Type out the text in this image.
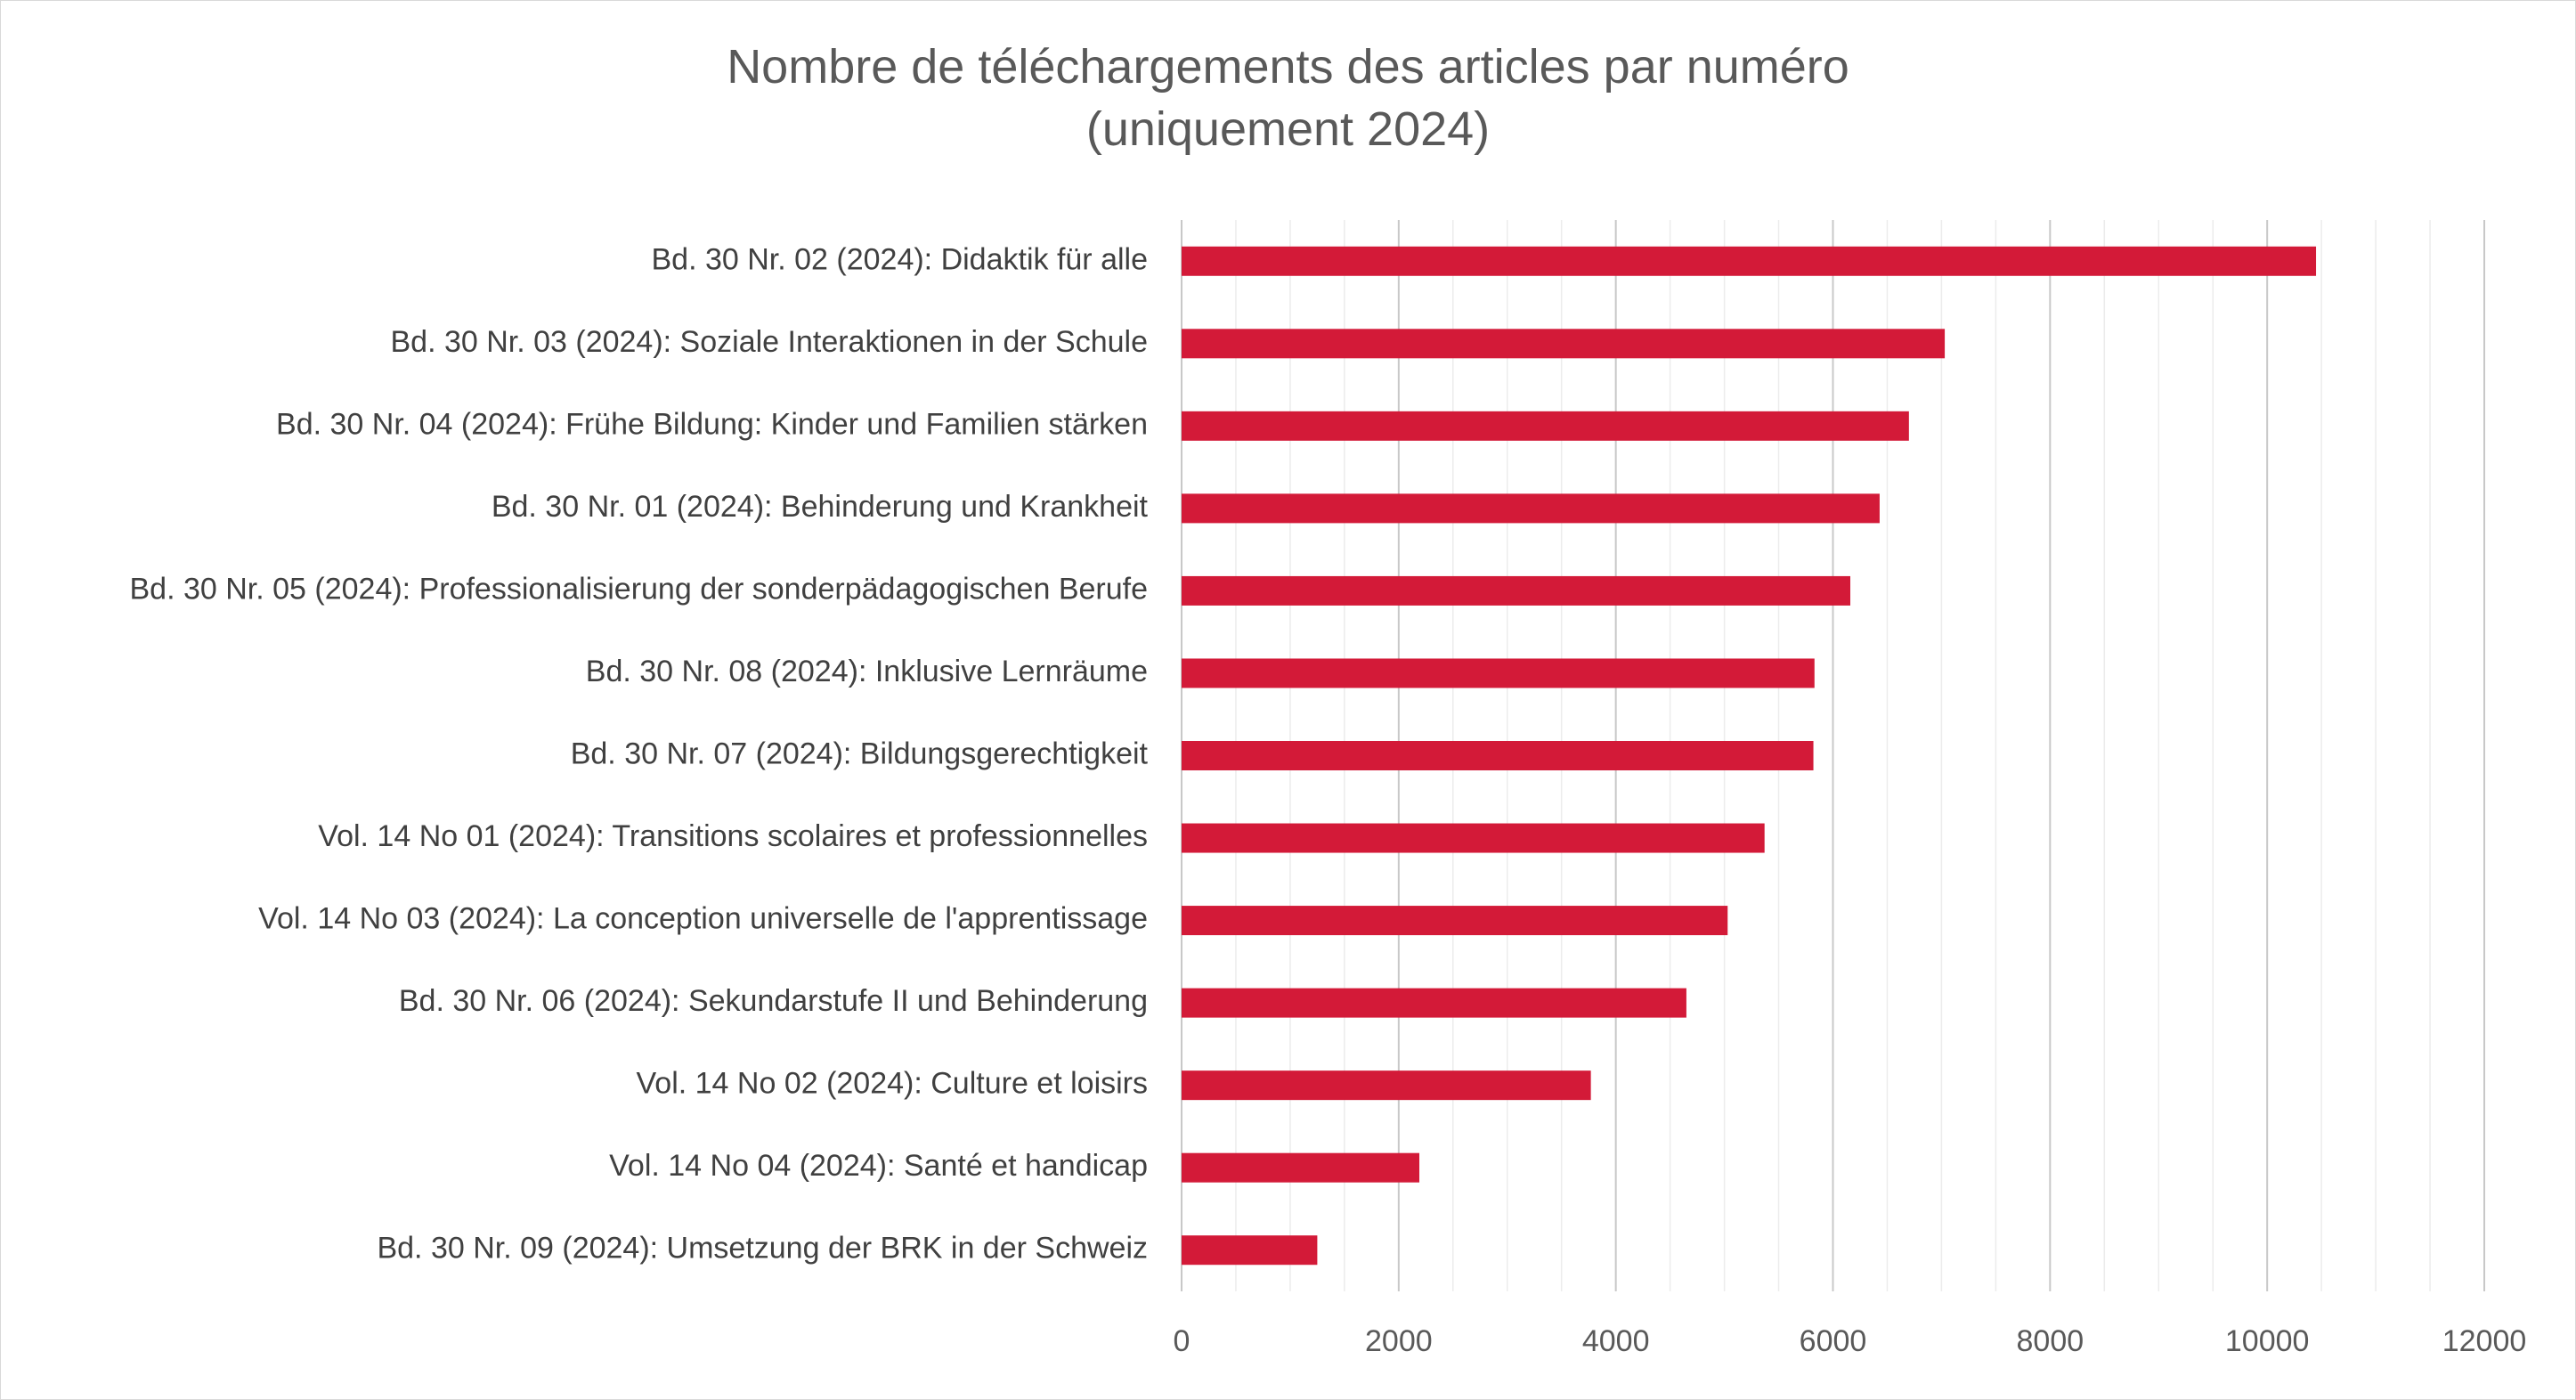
Nombre de téléchargements des articles par numéro
(uniquement 2024)
Bd. 30 Nr. 02 (2024): Didaktik für alle
Bd. 30 Nr. 03 (2024): Soziale Interaktionen in der Schule
Bd. 30 Nr. 04 (2024): Frühe Bildung: Kinder und Familien stärken
Bd. 30 Nr. 01 (2024): Behinderung und Krankheit
Bd. 30 Nr. 05 (2024): Professionalisierung der sonderpädagogischen Berufe
Bd. 30 Nr. 08 (2024): Inklusive Lernräume
Bd. 30 Nr. 07 (2024): Bildungsgerechtigkeit
Vol. 14 No 01 (2024): Transitions scolaires et professionnelles
Vol. 14 No 03 (2024): La conception universelle de l'apprentissage
Bd. 30 Nr. 06 (2024): Sekundarstufe II und Behinderung
Vol. 14 No 02 (2024): Culture et loisirs
Vol. 14 No 04 (2024): Santé et handicap
Bd. 30 Nr. 09 (2024): Umsetzung der BRK in der Schweiz
0	2000	4000	6000	8000	10000	12000
